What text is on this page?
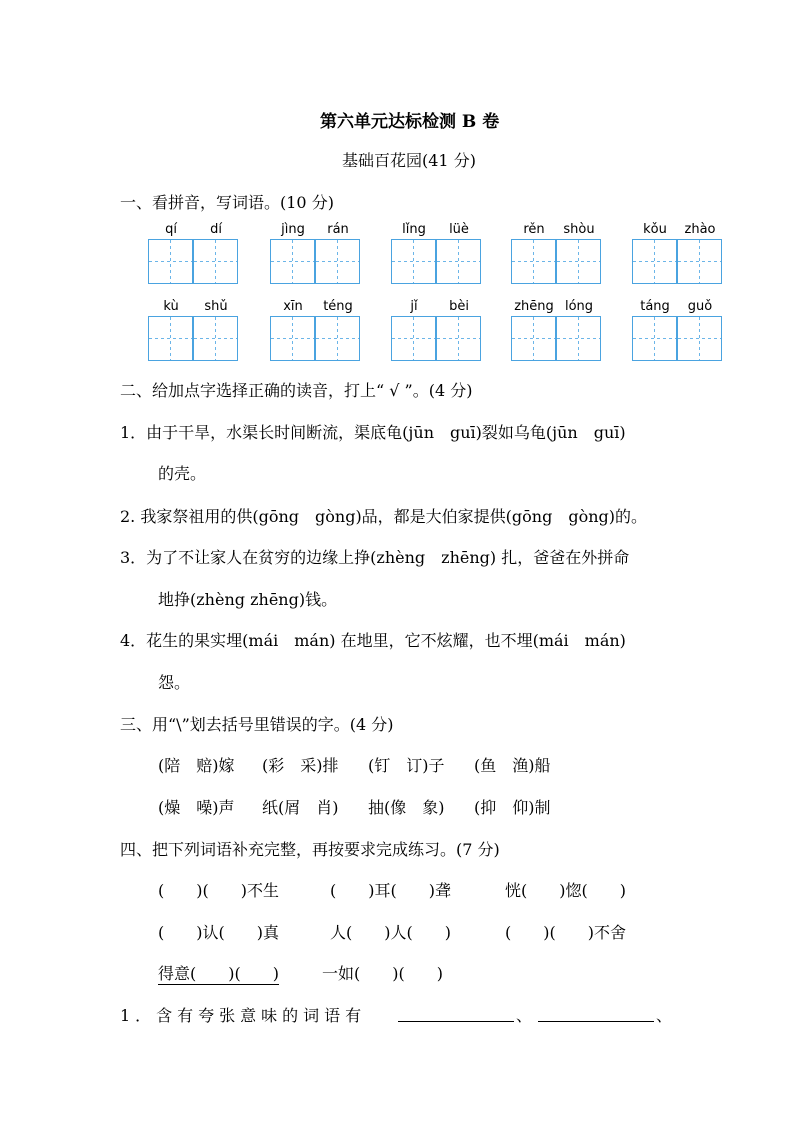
第六单元达标检测 B 卷
基础百花园(41 分)
一、看拼音，写词语。(10 分)
qí	dí	jìng	rán	lǐng	lüè	rěn	shòu	kǒu	zhào
kù	shǔ	xīn	téng	jǐ	bèi	zhēng lóng	táng	guǒ
二、给加点字选择正确的读音，打上“ √ ”。(4 分)
1．由于干旱，水渠长时间断流，渠底龟(jūn　guī)裂如乌龟(jūn　guī)
的壳。
2. 我家祭祖用的供(gōng　gòng)品，都是大伯家提供(gōng　gòng)的。
3．为了不让家人在贫穷的边缘上挣(zhèng　zhēng) 扎，爸爸在外拼命
地挣(zhèng zhēng)钱。
4．花生的果实埋(mái　mán) 在地里，它不炫耀，也不埋(mái　mán)
怨。
三、用“\”划去括号里错误的字。(4 分)
(陪　赔)嫁 (彩　采)排 (钉　订)子 (鱼　渔)船
(燥　噪)声 纸(屑　肖) 抽(像　象) (抑　仰)制
四、把下列词语补充完整，再按要求完成练习。(7 分)
(　　)(　　)不生	(　　)耳(　　)聋	恍(　　)惚(　　)
(　　)认(　　)真	人(　　)人(　　)	(　　)(　　)不舍
得意( )( )	一如(　　)(　　)
1．含有夸张意味的词语有	、	、
